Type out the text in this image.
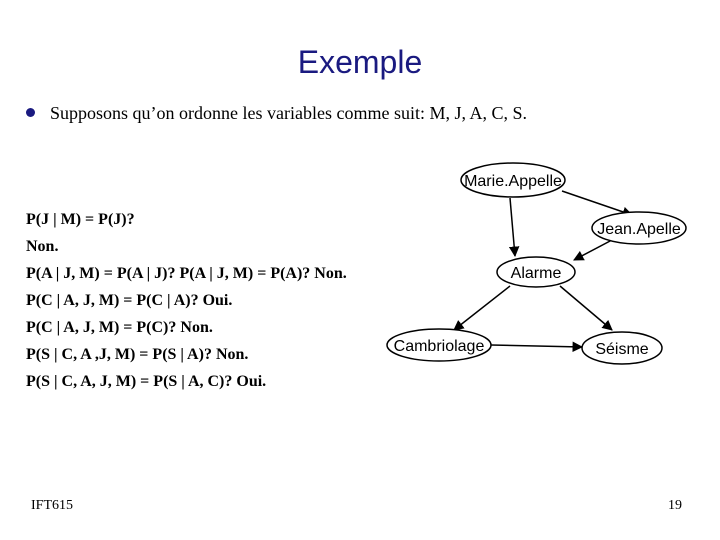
Exemple
Supposons qu’on ordonne les variables comme suit: M, J, A, C, S.
P(J | M) = P(J)?
Non.
P(A | J, M) = P(A | J)? P(A | J, M) = P(A)? Non.
P(C | A, J, M) = P(C | A)? Oui.
P(C | A, J, M) = P(C)? Non.
P(S | C, A ,J, M) = P(S | A)? Non.
P(S | C, A, J, M) = P(S | A, C)? Oui.
Marie.Appelle
Jean.Apelle
Alarme
Cambriolage	Séisme
IFT615	19
